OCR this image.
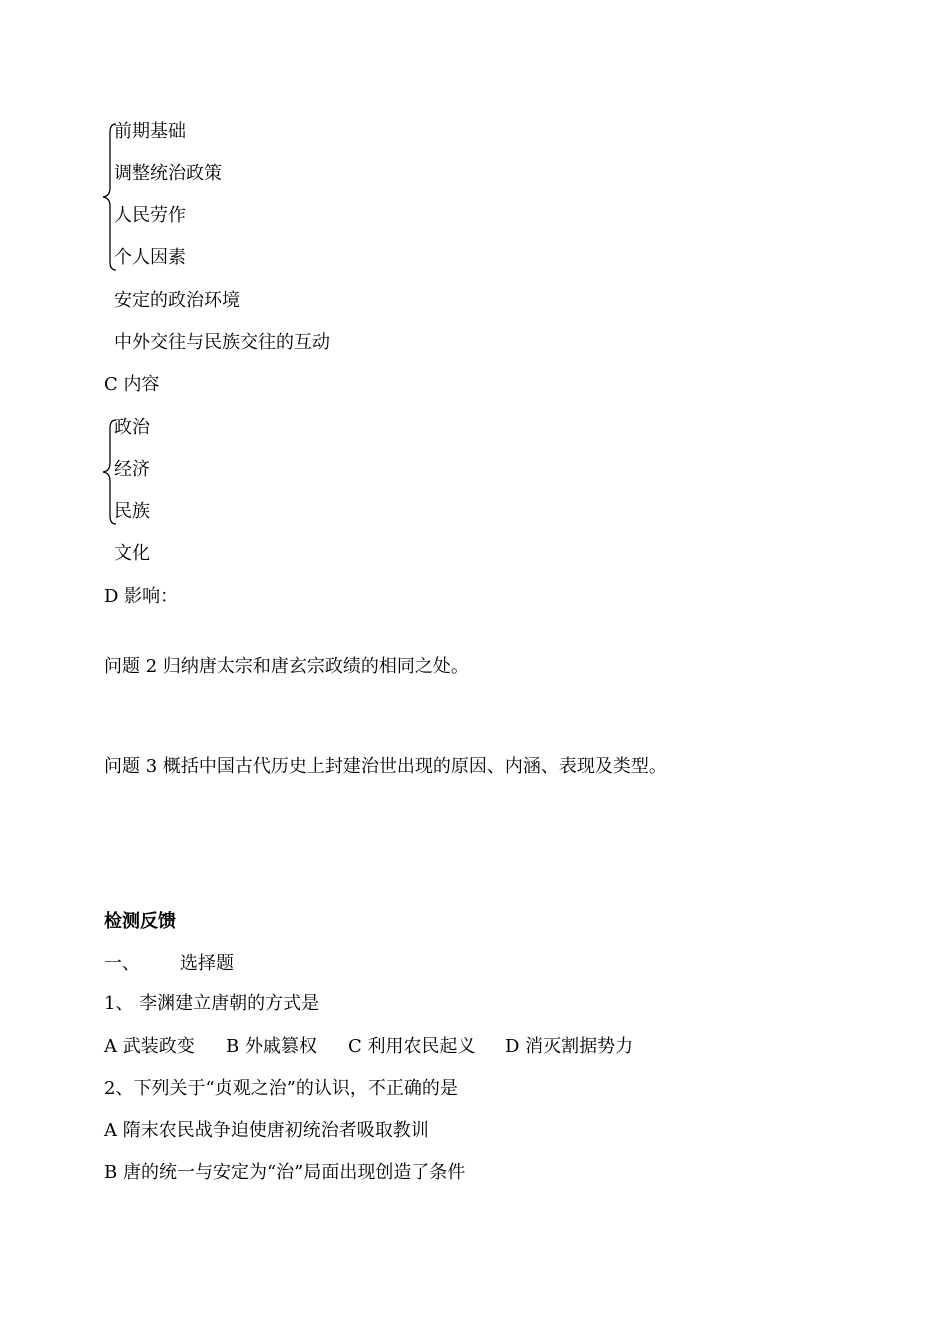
前期基础
调整统治政策
人民劳作
个人因素
安定的政治环境
中外交往与民族交往的互动
C 内容
政治
经济
民族
文化
D 影响：
问题 2 归纳唐太宗和唐玄宗政绩的相同之处。
问题 3 概括中国古代历史上封建治世出现的原因、内涵、表现及类型。
检测反馈
一、 选择题
1、 李渊建立唐朝的方式是
A 武装政变 B 外戚篡权 C 利用农民起义 D 消灭割据势力
2、下列关于“贞观之治”的认识，不正确的是
A 隋末农民战争迫使唐初统治者吸取教训
B 唐的统一与安定为“治”局面出现创造了条件
